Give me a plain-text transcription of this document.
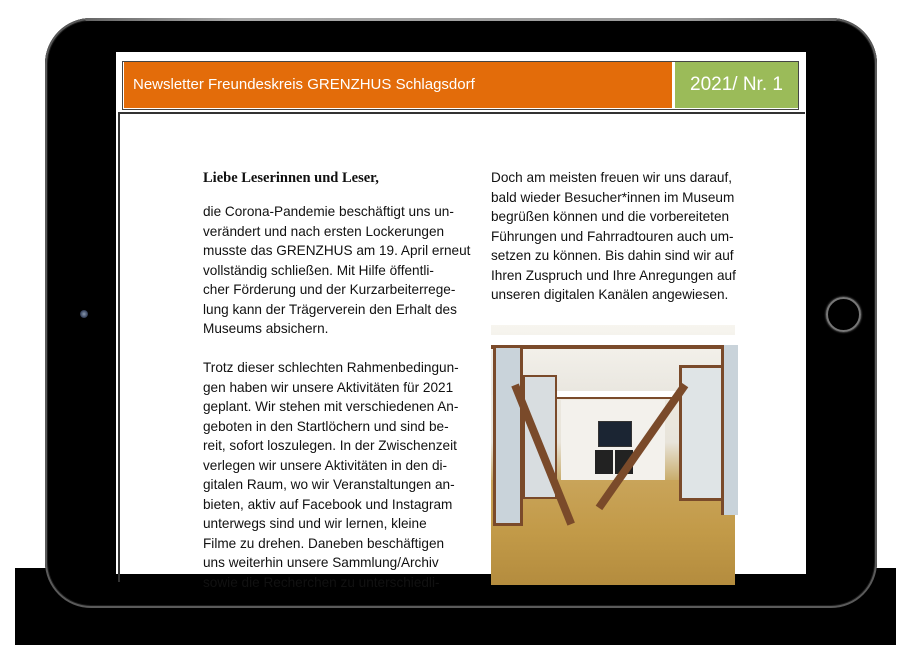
Newsletter Freundeskreis GRENZHUS Schlagsdorf	2021/ Nr. 1
Liebe Leserinnen und Leser,

die Corona-Pandemie beschäftigt uns un-
verändert und nach ersten Lockerungen
musste das GRENZHUS am 19. April erneut
vollständig schließen. Mit Hilfe öffentli-
cher Förderung und der Kurzarbeiterrege-
lung kann der Trägerverein den Erhalt des
Museums absichern.

Trotz dieser schlechten Rahmenbedingun-
gen haben wir unsere Aktivitäten für 2021
geplant. Wir stehen mit verschiedenen An-
geboten in den Startlöchern und sind be-
reit, sofort loszulegen. In der Zwischenzeit
verlegen wir unsere Aktivitäten in den di-
gitalen Raum, wo wir Veranstaltungen an-
bieten, aktiv auf Facebook und Instagram
unterwegs sind und wir lernen, kleine
Filme zu drehen. Daneben beschäftigen
uns weiterhin unsere Sammlung/Archiv
sowie die Recherchen zu unterschiedli-

Doch am meisten freuen wir uns darauf,
bald wieder Besucher*innen im Museum
begrüßen können und die vorbereiteten
Führungen und Fahrradtouren auch um-
setzen zu können. Bis dahin sind wir auf
Ihren Zuspruch und Ihre Anregungen auf
unseren digitalen Kanälen angewiesen.
